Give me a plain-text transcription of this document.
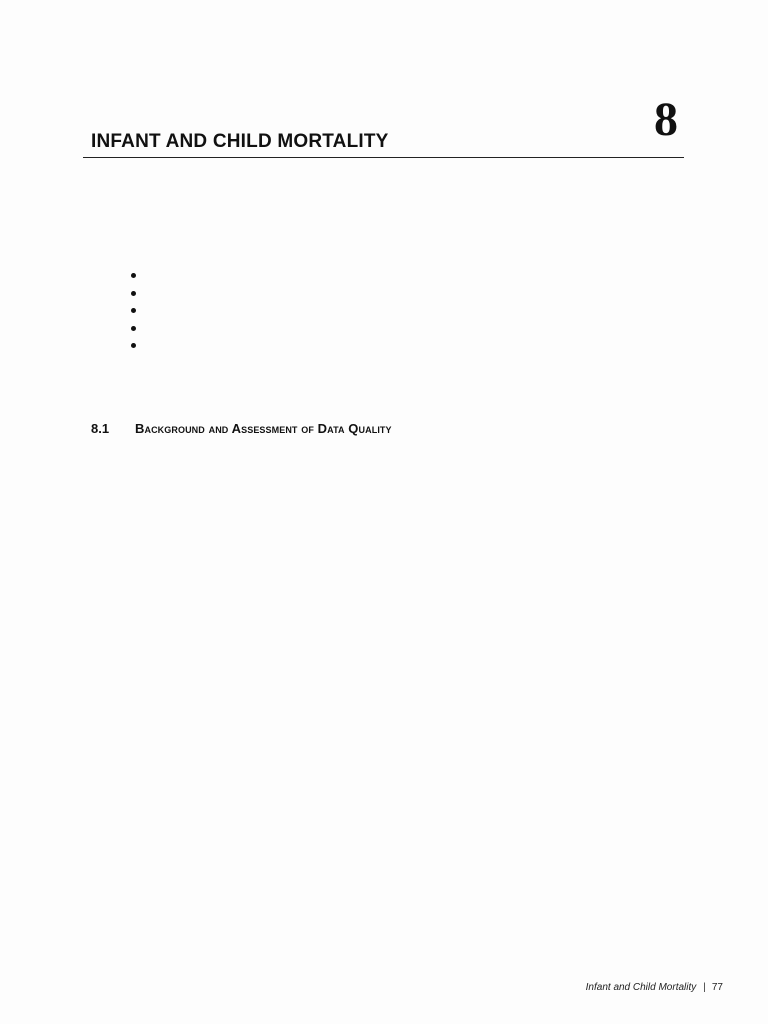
INFANT AND CHILD MORTALITY	8
8.1 Background and Assessment of Data Quality
Infant and Child Mortality | 77
